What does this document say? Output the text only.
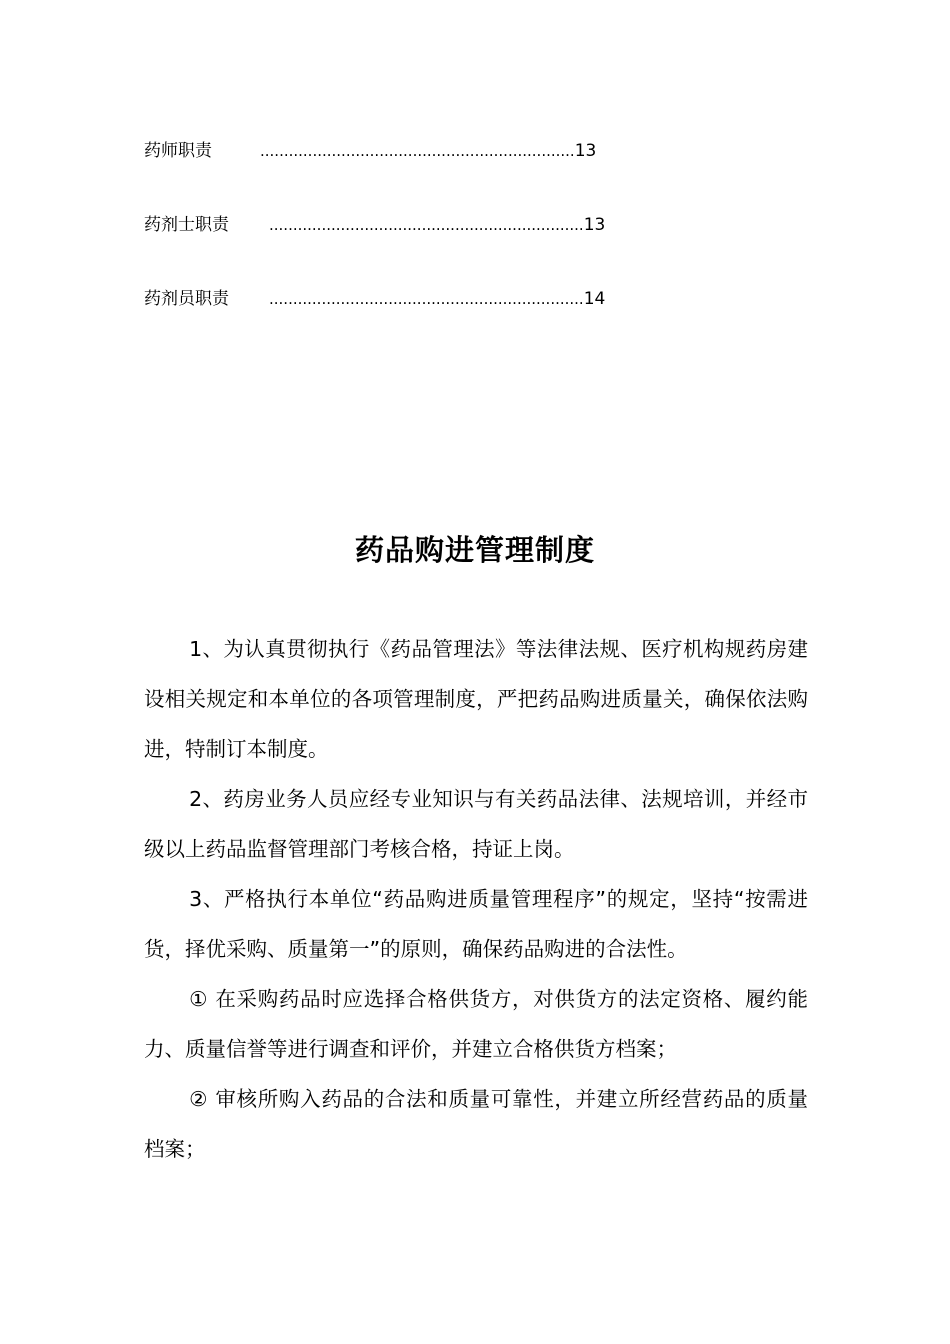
药师职责	..................................................................13
药剂士职责	..................................................................13
药剂员职责	..................................................................14
药品购进管理制度

1、为认真贯彻执行《药品管理法》等法律法规、医疗机构规药房建设相关规定和本单位的各项管理制度，严把药品购进质量关，确保依法购进，特制订本制度。

2、药房业务人员应经专业知识与有关药品法律、法规培训，并经市级以上药品监督管理部门考核合格，持证上岗。

3、严格执行本单位“药品购进质量管理程序”的规定，坚持“按需进货，择优采购、质量第一”的原则，确保药品购进的合法性。

① 在采购药品时应选择合格供货方，对供货方的法定资格、履约能力、质量信誉等进行调查和评价，并建立合格供货方档案；

② 审核所购入药品的合法和质量可靠性，并建立所经营药品的质量档案；
